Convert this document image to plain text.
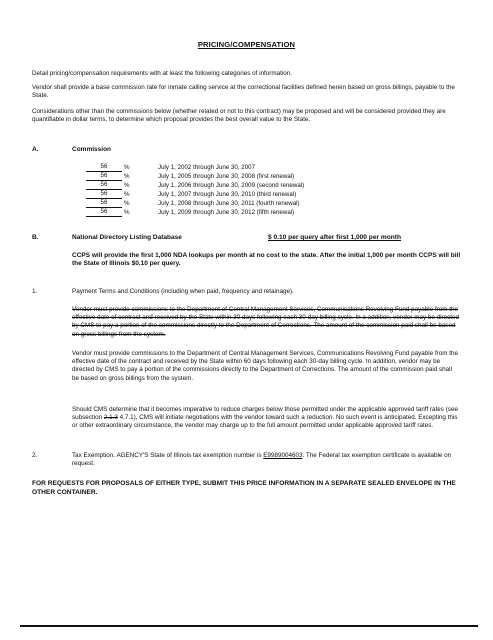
PRICING/COMPENSATION
Detail pricing/compensation requirements with at least the following categories of information.
Vendor shall provide a base commission rate for inmate calling service at the correctional facilities defined herein based on gross billings, payable to the State.
Considerations other than the commissions below (whether related or not to this contract) may be proposed and will be considered provided they are quantifiable in dollar terms, to determine which proposal provides the best overall value to the State.
A.	Commission
56	%	July 1, 2002 through June 30, 2007
56	%	July 1, 2005 through June 30, 2008 (first renewal)
56	%	July 1, 2006 through June 30, 2009 (second renewal)
56	%	July 1, 2007 through June 30, 2010 (third renewal)
56	%	July 1, 2008 through June 30, 2011 (fourth renewal)
56	%	July 1, 2009 through June 30, 2012 (fifth renewal)
B.	National Directory Listing Database	$ 0.10 per query after first 1,000 per month
CCPS will provide the first 1,000 NDA lookups per month at no cost to the state. After the initial 1,000 per month CCPS will bill the State of Illinois $0.10 per query.
1.	Payment Terms and Conditions (including when paid, frequency and retainage).
Vendor must provide commissions to the Department of Central Management Services, Communications Revolving Fund payable from the effective date of contract and received by the State within 30 days following each 30-day billing cycle. In a addition, vendor may be directed by CMS to pay a portion of the commissions directly to the Department of Corrections. The amount of the commission paid shall be based on gross billings from the system.
Vendor must provide commissions to the Department of Central Management Services, Communications Revolving Fund payable from the effective date of the contract and received by the State within 60 days following each 30-day billing cycle. In addition, vendor may be directed by CMS to pay a portion of the commissions directly to the Department of Corrections. The amount of the commission paid shall be based on gross billings from the system.
Should CMS determine that it becomes imperative to reduce charges below those permitted under the applicable approved tariff rates (see subsection 2.1.3 4.7.1), CMS will initiate negotiations with the vendor toward such a reduction. No such event is anticipated. Excepting this or other extraordinary circumstance, the vendor may charge up to the full amount permitted under applicable approved tariff rates.
2.	Tax Exemption. AGENCY'S State of Illinois tax exemption number is E9989004603. The Federal tax exemption certificate is available on request.
FOR REQUESTS FOR PROPOSALS OF EITHER TYPE, SUBMIT THIS PRICE INFORMATION IN A SEPARATE SEALED ENVELOPE IN THE OTHER CONTAINER.
